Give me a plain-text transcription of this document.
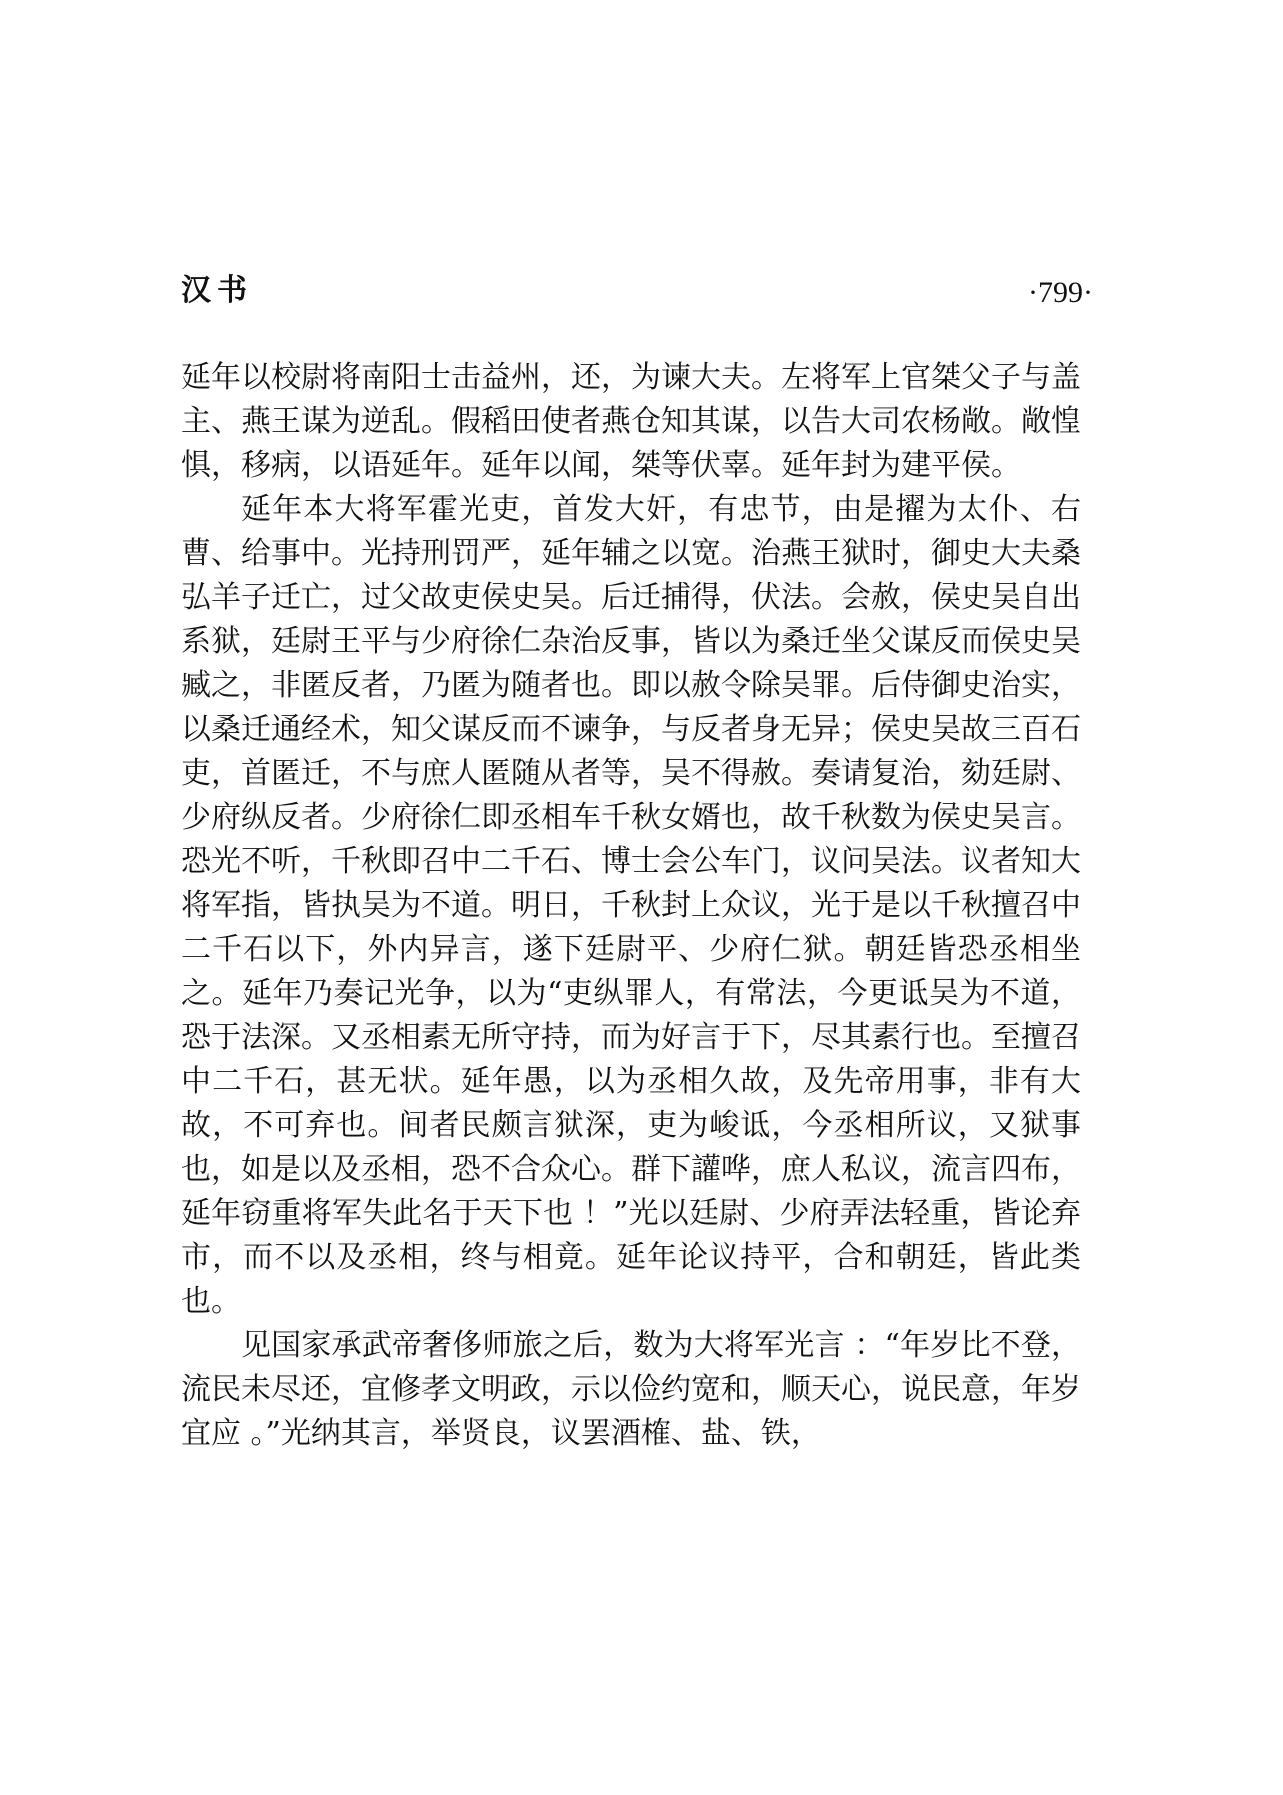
汉书	·799·

延年以校尉将南阳士击益州，还，为谏大夫。左将军上官桀父子与盖主、燕王谋为逆乱。假稻田使者燕仓知其谋，以告大司农杨敞。敞惶惧，移病，以语延年。延年以闻，桀等伏辜。延年封为建平侯。

延年本大将军霍光吏，首发大奸，有忠节，由是擢为太仆、右曹、给事中。光持刑罚严，延年辅之以宽。治燕王狱时，御史大夫桑弘羊子迁亡，过父故吏侯史吴。后迁捕得，伏法。会赦，侯史吴自出系狱，廷尉王平与少府徐仁杂治反事，皆以为桑迁坐父谋反而侯史吴臧之，非匿反者，乃匿为随者也。即以赦令除吴罪。后侍御史治实，以桑迁通经术，知父谋反而不谏争，与反者身无异；侯史吴故三百石吏，首匿迁，不与庶人匿随从者等，吴不得赦。奏请复治，劾廷尉、少府纵反者。少府徐仁即丞相车千秋女婿也，故千秋数为侯史吴言。恐光不听，千秋即召中二千石、博士会公车门，议问吴法。议者知大将军指，皆执吴为不道。明日，千秋封上众议，光于是以千秋擅召中二千石以下，外内异言，遂下廷尉平、少府仁狱。朝廷皆恐丞相坐之。延年乃奏记光争，以为“吏纵罪人，有常法，今更诋吴为不道，恐于法深。又丞相素无所守持，而为好言于下，尽其素行也。至擅召中二千石，甚无状。延年愚，以为丞相久故，及先帝用事，非有大故，不可弃也。间者民颇言狱深，吏为峻诋，今丞相所议，又狱事也，如是以及丞相，恐不合众心。群下讙哗，庶人私议，流言四布，延年窃重将军失此名于天下也 ！”光以廷尉、少府弄法轻重，皆论弃市，而不以及丞相，终与相竟。延年论议持平，合和朝廷，皆此类也。

见国家承武帝奢侈师旅之后，数为大将军光言 ：“年岁比不登，流民未尽还，宜修孝文明政，示以俭约宽和，顺天心，说民意，年岁宜应 。”光纳其言，举贤良，议罢酒榷、盐、铁，
